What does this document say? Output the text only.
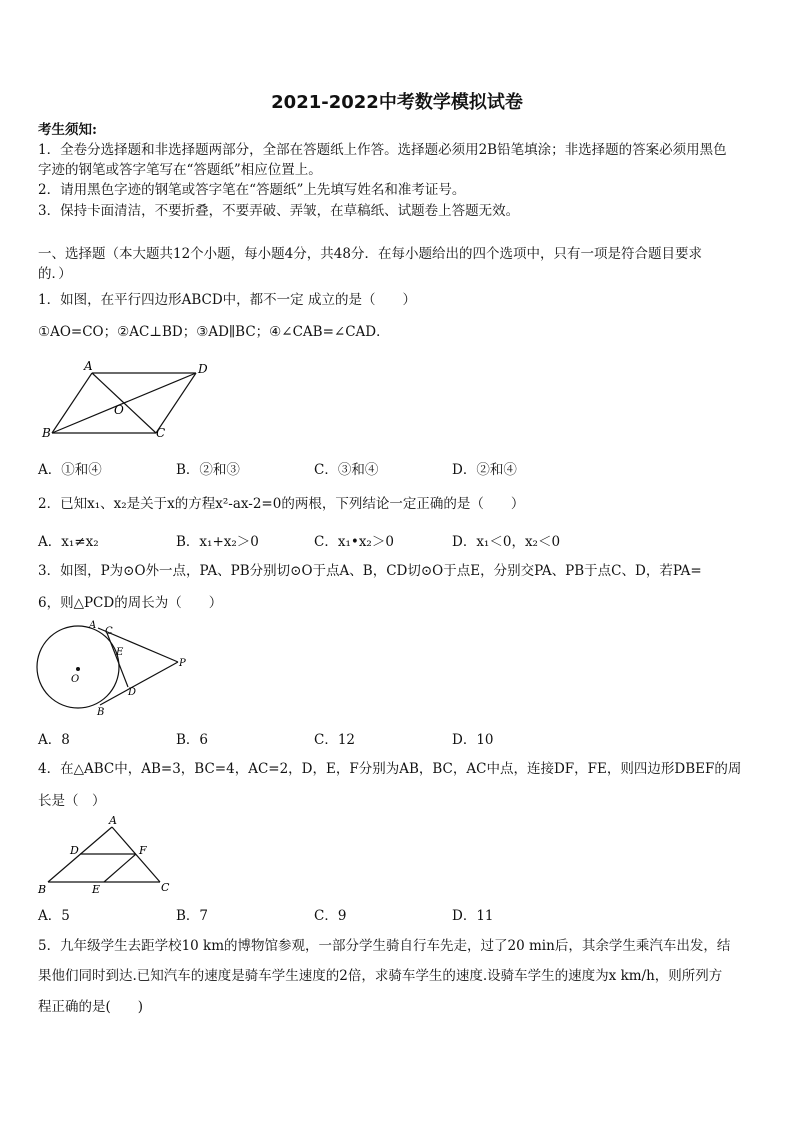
2021-2022中考数学模拟试卷
考生须知:
1．全卷分选择题和非选择题两部分，全部在答题纸上作答。选择题必须用2B铅笔填涂；非选择题的答案必须用黑色
字迹的钢笔或答字笔写在“答题纸”相应位置上。
2．请用黑色字迹的钢笔或答字笔在“答题纸”上先填写姓名和准考证号。
3．保持卡面清洁，不要折叠，不要弄破、弄皱，在草稿纸、试题卷上答题无效。
一、选择题（本大题共12个小题，每小题4分，共48分．在每小题给出的四个选项中，只有一项是符合题目要求
的．）
1．如图，在平行四边形ABCD中，都不一定 成立的是（　　）
①AO=CO；②AC⊥BD；③AD∥BC；④∠CAB=∠CAD．
A	D
B	C
O
A．①和④	B．②和③	C．③和④	D．②和④
2．已知x₁、x₂是关于x的方程x²-ax-2=0的两根，下列结论一定正确的是（　　）
A．x₁≠x₂	B．x₁+x₂＞0	C．x₁•x₂＞0	D．x₁＜0，x₂＜0
3．如图，P为⊙O外一点，PA、PB分别切⊙O于点A、B，CD切⊙O于点E，分别交PA、PB于点C、D，若PA=
6，则△PCD的周长为（　　）
A
C
E
O
P
D
B
A．8	B．6	C．12	D．10
4．在△ABC中，AB=3，BC=4，AC=2，D，E，F分别为AB，BC，AC中点，连接DF，FE，则四边形DBEF的周
长是（　）
A
D	F
B	E	C
A．5	B．7	C．9	D．11
5．九年级学生去距学校10 km的博物馆参观，一部分学生骑自行车先走，过了20 min后，其余学生乘汽车出发，结
果他们同时到达.已知汽车的速度是骑车学生速度的2倍，求骑车学生的速度.设骑车学生的速度为x km/h，则所列方
程正确的是(　　)
